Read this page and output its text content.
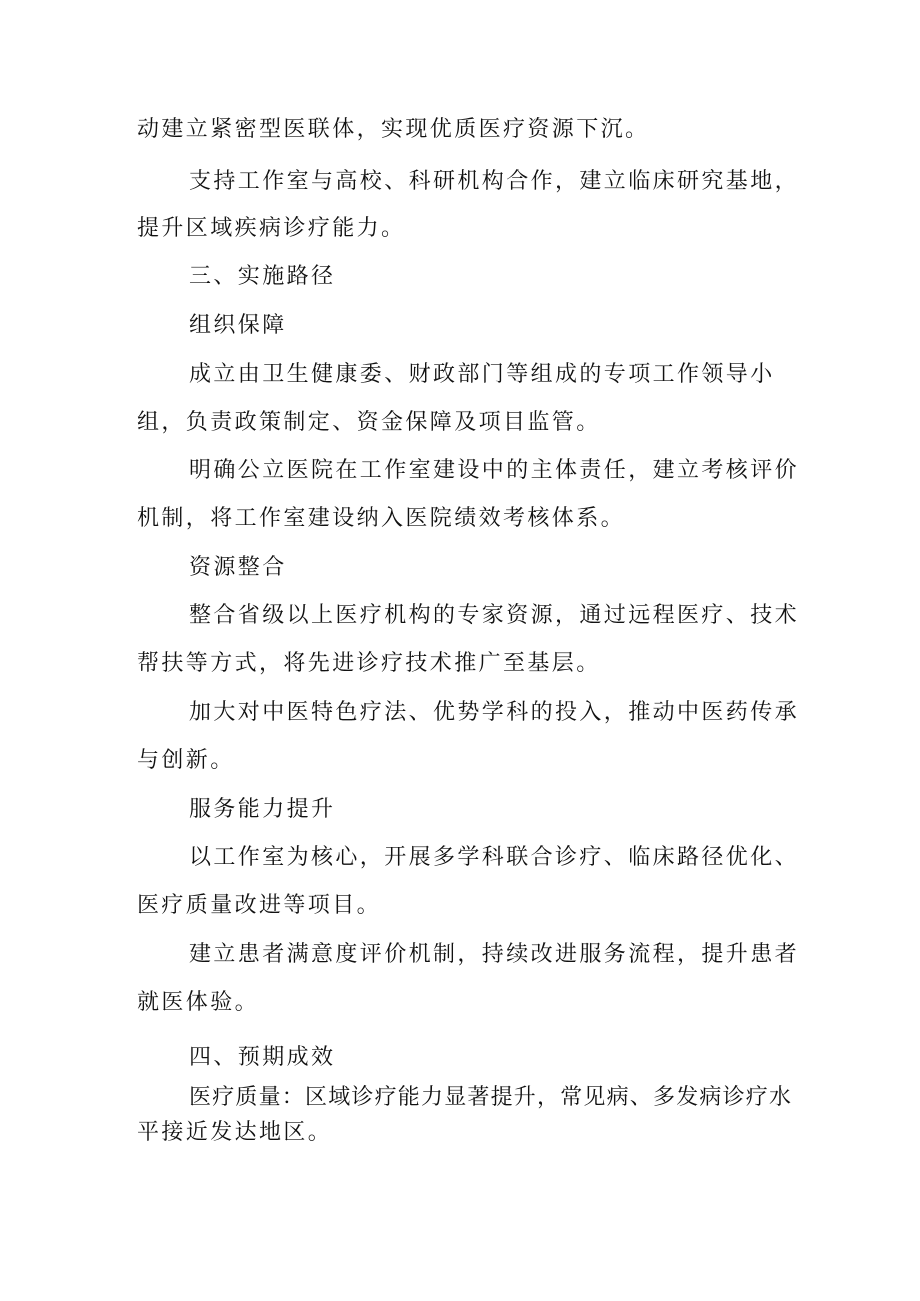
动建立紧密型医联体，实现优质医疗资源下沉。
支持工作室与高校、科研机构合作，建立临床研究基地，
提升区域疾病诊疗能力。
三、实施路径
组织保障
成立由卫生健康委、财政部门等组成的专项工作领导小
组，负责政策制定、资金保障及项目监管。
明确公立医院在工作室建设中的主体责任，建立考核评价
机制，将工作室建设纳入医院绩效考核体系。
资源整合
整合省级以上医疗机构的专家资源，通过远程医疗、技术
帮扶等方式，将先进诊疗技术推广至基层。
加大对中医特色疗法、优势学科的投入，推动中医药传承
与创新。
服务能力提升
以工作室为核心，开展多学科联合诊疗、临床路径优化、
医疗质量改进等项目。
建立患者满意度评价机制，持续改进服务流程，提升患者
就医体验。
四、预期成效
医疗质量：区域诊疗能力显著提升，常见病、多发病诊疗水
平接近发达地区。
